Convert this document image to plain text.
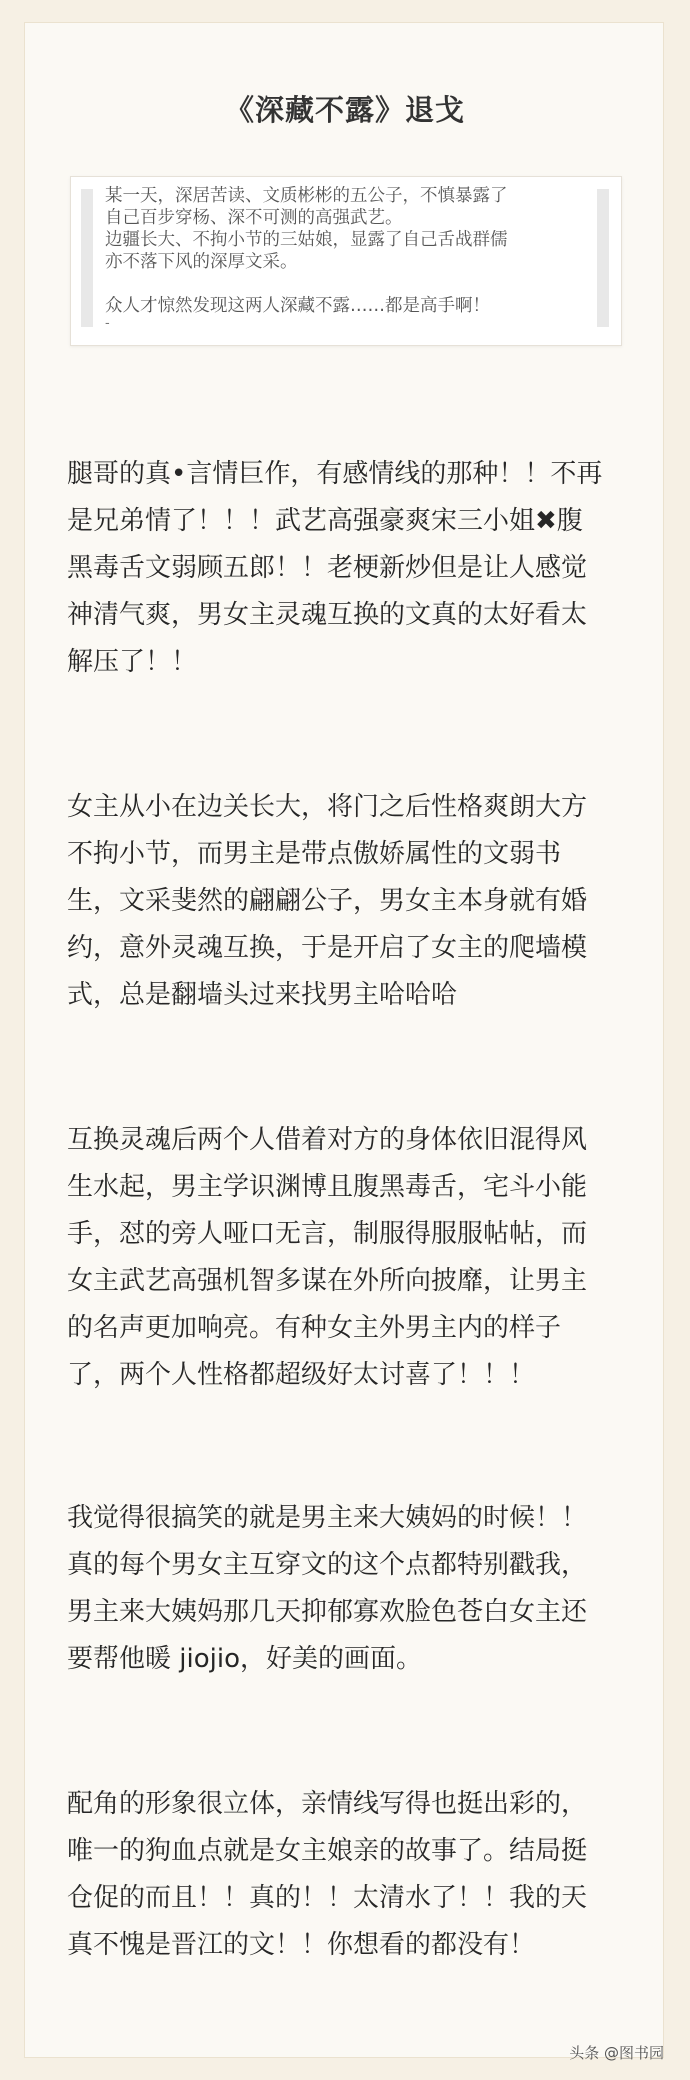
《深藏不露》退戈

某一天，深居苦读、文质彬彬的五公子，不慎暴露了

自己百步穿杨、深不可测的高强武艺。

边疆长大、不拘小节的三姑娘，显露了自己舌战群儒

亦不落下风的深厚文采。

众人才惊然发现这两人深藏不露……都是高手啊！

-

腿哥的真•言情巨作，有感情线的那种！！不再
是兄弟情了！！！武艺高强豪爽宋三小姐✖腹
黑毒舌文弱顾五郎！！老梗新炒但是让人感觉
神清气爽，男女主灵魂互换的文真的太好看太
解压了！！
女主从小在边关长大，将门之后性格爽朗大方
不拘小节，而男主是带点傲娇属性的文弱书
生，文采斐然的翩翩公子，男女主本身就有婚
约，意外灵魂互换，于是开启了女主的爬墙模
式，总是翻墙头过来找男主哈哈哈
互换灵魂后两个人借着对方的身体依旧混得风
生水起，男主学识渊博且腹黑毒舌，宅斗小能
手，怼的旁人哑口无言，制服得服服帖帖，而
女主武艺高强机智多谋在外所向披靡，让男主
的名声更加响亮。有种女主外男主内的样子
了，两个人性格都超级好太讨喜了！！！
我觉得很搞笑的就是男主来大姨妈的时候！！
真的每个男女主互穿文的这个点都特别戳我，
男主来大姨妈那几天抑郁寡欢脸色苍白女主还
要帮他暖 jiojio，好美的画面。
配角的形象很立体，亲情线写得也挺出彩的，
唯一的狗血点就是女主娘亲的故事了。结局挺
仓促的而且！！真的！！太清水了！！我的天
真不愧是晋江的文！！你想看的都没有！
头条 @图书园
